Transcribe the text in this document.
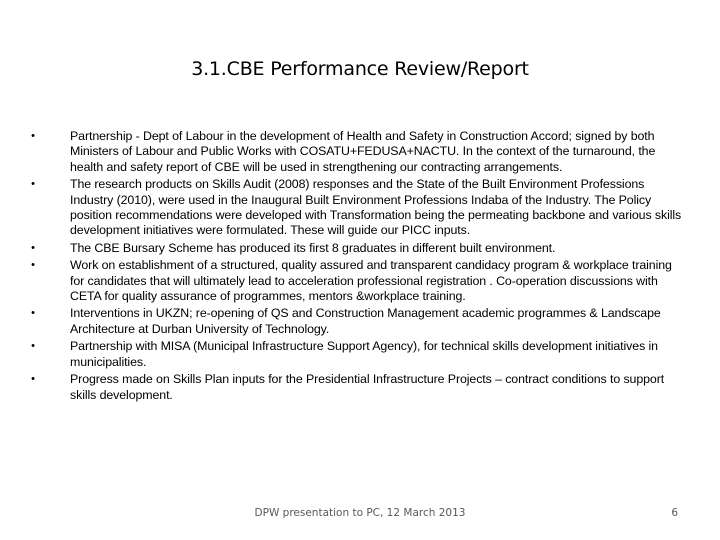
3.1.CBE Performance Review/Report
•	Partnership - Dept of Labour in the development of Health and Safety in Construction Accord; signed by both Ministers of Labour and Public Works with COSATU+FEDUSA+NACTU. In the context of the turnaround, the health and safety report of CBE will be used in strengthening our contracting arrangements.
•	The research products on Skills Audit (2008) responses and the State of the Built Environment Professions Industry (2010), were used in the Inaugural Built Environment Professions Indaba of the Industry. The Policy position recommendations were developed with Transformation being the permeating backbone and various skills development initiatives were formulated. These will guide our PICC inputs.
•	The CBE Bursary Scheme has produced its first 8 graduates in different built environment.
•	Work on establishment of a structured, quality assured and transparent candidacy program & workplace training for candidates that will ultimately lead to acceleration professional registration . Co-operation discussions with CETA for quality assurance of programmes, mentors &workplace training.
•	Interventions in UKZN; re-opening of QS and Construction Management academic programmes & Landscape Architecture at Durban University of Technology.
•	Partnership with MISA (Municipal Infrastructure Support Agency), for technical skills development initiatives in municipalities.
•	Progress made on Skills Plan inputs for the Presidential Infrastructure Projects – contract conditions to support skills development.
DPW presentation to PC, 12 March 2013	6
